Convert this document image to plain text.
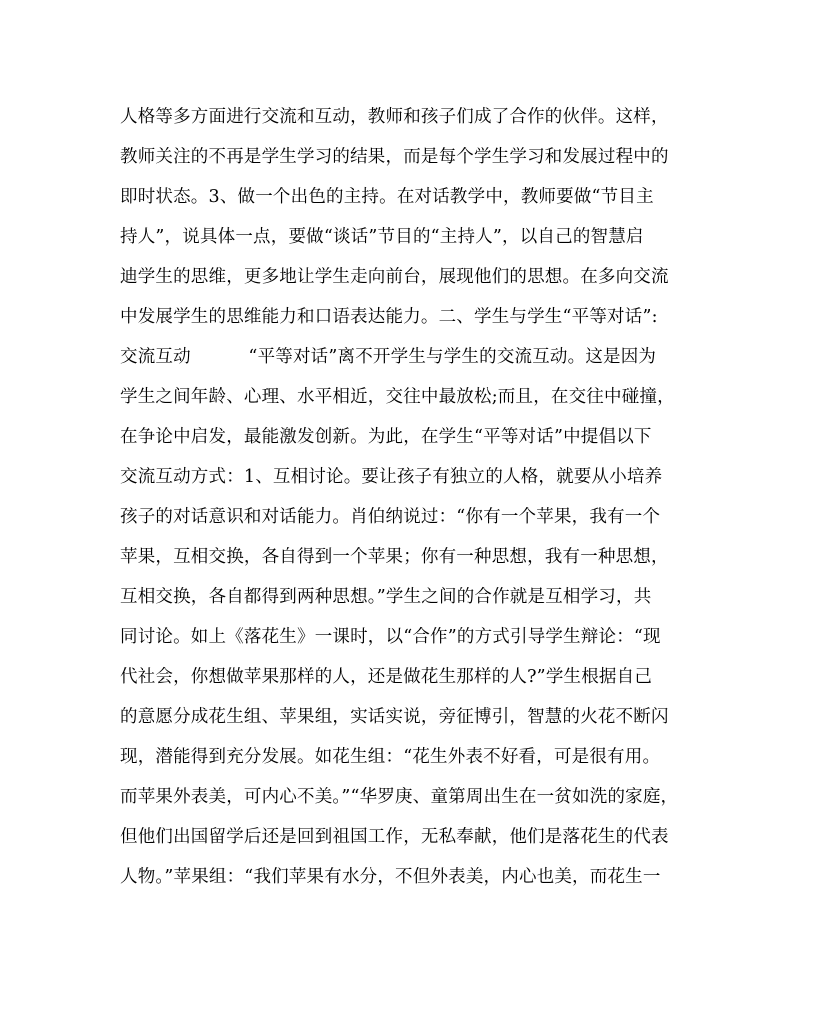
人格等多方面进行交流和互动，教师和孩子们成了合作的伙伴。这样，
教师关注的不再是学生学习的结果，而是每个学生学习和发展过程中的
即时状态。3、做一个出色的主持。在对话教学中，教师要做“节目主
持人”，说具体一点，要做“谈话”节目的“主持人”，以自己的智慧启
迪学生的思维，更多地让学生走向前台，展现他们的思想。在多向交流
中发展学生的思维能力和口语表达能力。二、学生与学生“平等对话”:
交流互动          “平等对话”离不开学生与学生的交流互动。这是因为
学生之间年龄、心理、水平相近，交往中最放松;而且，在交往中碰撞，
在争论中启发，最能激发创新。为此，在学生“平等对话”中提倡以下
交流互动方式：1、互相讨论。要让孩子有独立的人格，就要从小培养
孩子的对话意识和对话能力。肖伯纳说过：“你有一个苹果，我有一个
苹果，互相交换，各自得到一个苹果；你有一种思想，我有一种思想，
互相交换，各自都得到两种思想。”学生之间的合作就是互相学习，共
同讨论。如上《落花生》一课时，以“合作”的方式引导学生辩论：“现
代社会，你想做苹果那样的人，还是做花生那样的人?”学生根据自己
的意愿分成花生组、苹果组，实话实说，旁征博引，智慧的火花不断闪
现，潜能得到充分发展。如花生组：“花生外表不好看，可是很有用。
而苹果外表美，可内心不美。”“华罗庚、童第周出生在一贫如洗的家庭，
但他们出国留学后还是回到祖国工作，无私奉献，他们是落花生的代表
人物。”苹果组：“我们苹果有水分，不但外表美，内心也美，而花生一
